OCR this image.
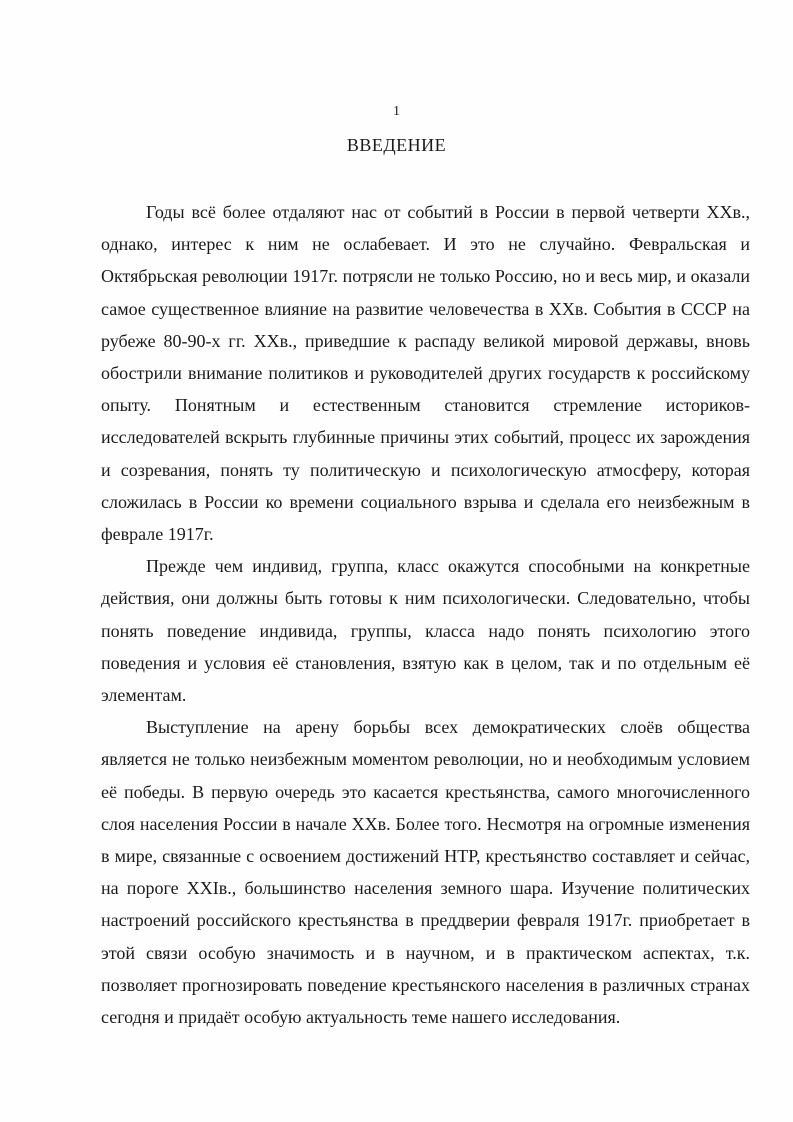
1
ВВЕДЕНИЕ

Годы всё более отдаляют нас от событий в России в первой четверти XXв., однако, интерес к ним не ослабевает. И это не случайно. Февральская и Октябрьская революции 1917г. потрясли не только Россию, но и весь мир, и оказали самое существенное влияние на развитие человечества в XXв. События в СССР на рубеже 80-90-х гг. XXв., приведшие к распаду великой мировой державы, вновь обострили внимание политиков и руководителей других государств к российскому опыту. Понятным и естественным становится стремление историков-исследователей вскрыть глубинные причины этих событий, процесс их зарождения и созревания, понять ту политическую и психологическую атмосферу, которая сложилась в России ко времени социального взрыва и сделала его неизбежным в феврале 1917г.

Прежде чем индивид, группа, класс окажутся способными на конкретные действия, они должны быть готовы к ним психологически. Следовательно, чтобы понять поведение индивида, группы, класса надо понять психологию этого поведения и условия её становления, взятую как в целом, так и по отдельным её элементам.

Выступление на арену борьбы всех демократических слоёв общества является не только неизбежным моментом революции, но и необходимым условием её победы. В первую очередь это касается крестьянства, самого многочисленного слоя населения России в начале XXв. Более того. Несмотря на огромные изменения в мире, связанные с освоением достижений НТР, крестьянство составляет и сейчас, на пороге XXIв., большинство населения земного шара. Изучение политических настроений российского крестьянства в преддверии февраля 1917г. приобретает в этой связи особую значимость и в научном, и в практическом аспектах, т.к. позволяет прогнозировать поведение крестьянского населения в различных странах сегодня и придаёт особую актуальность теме нашего исследования.
